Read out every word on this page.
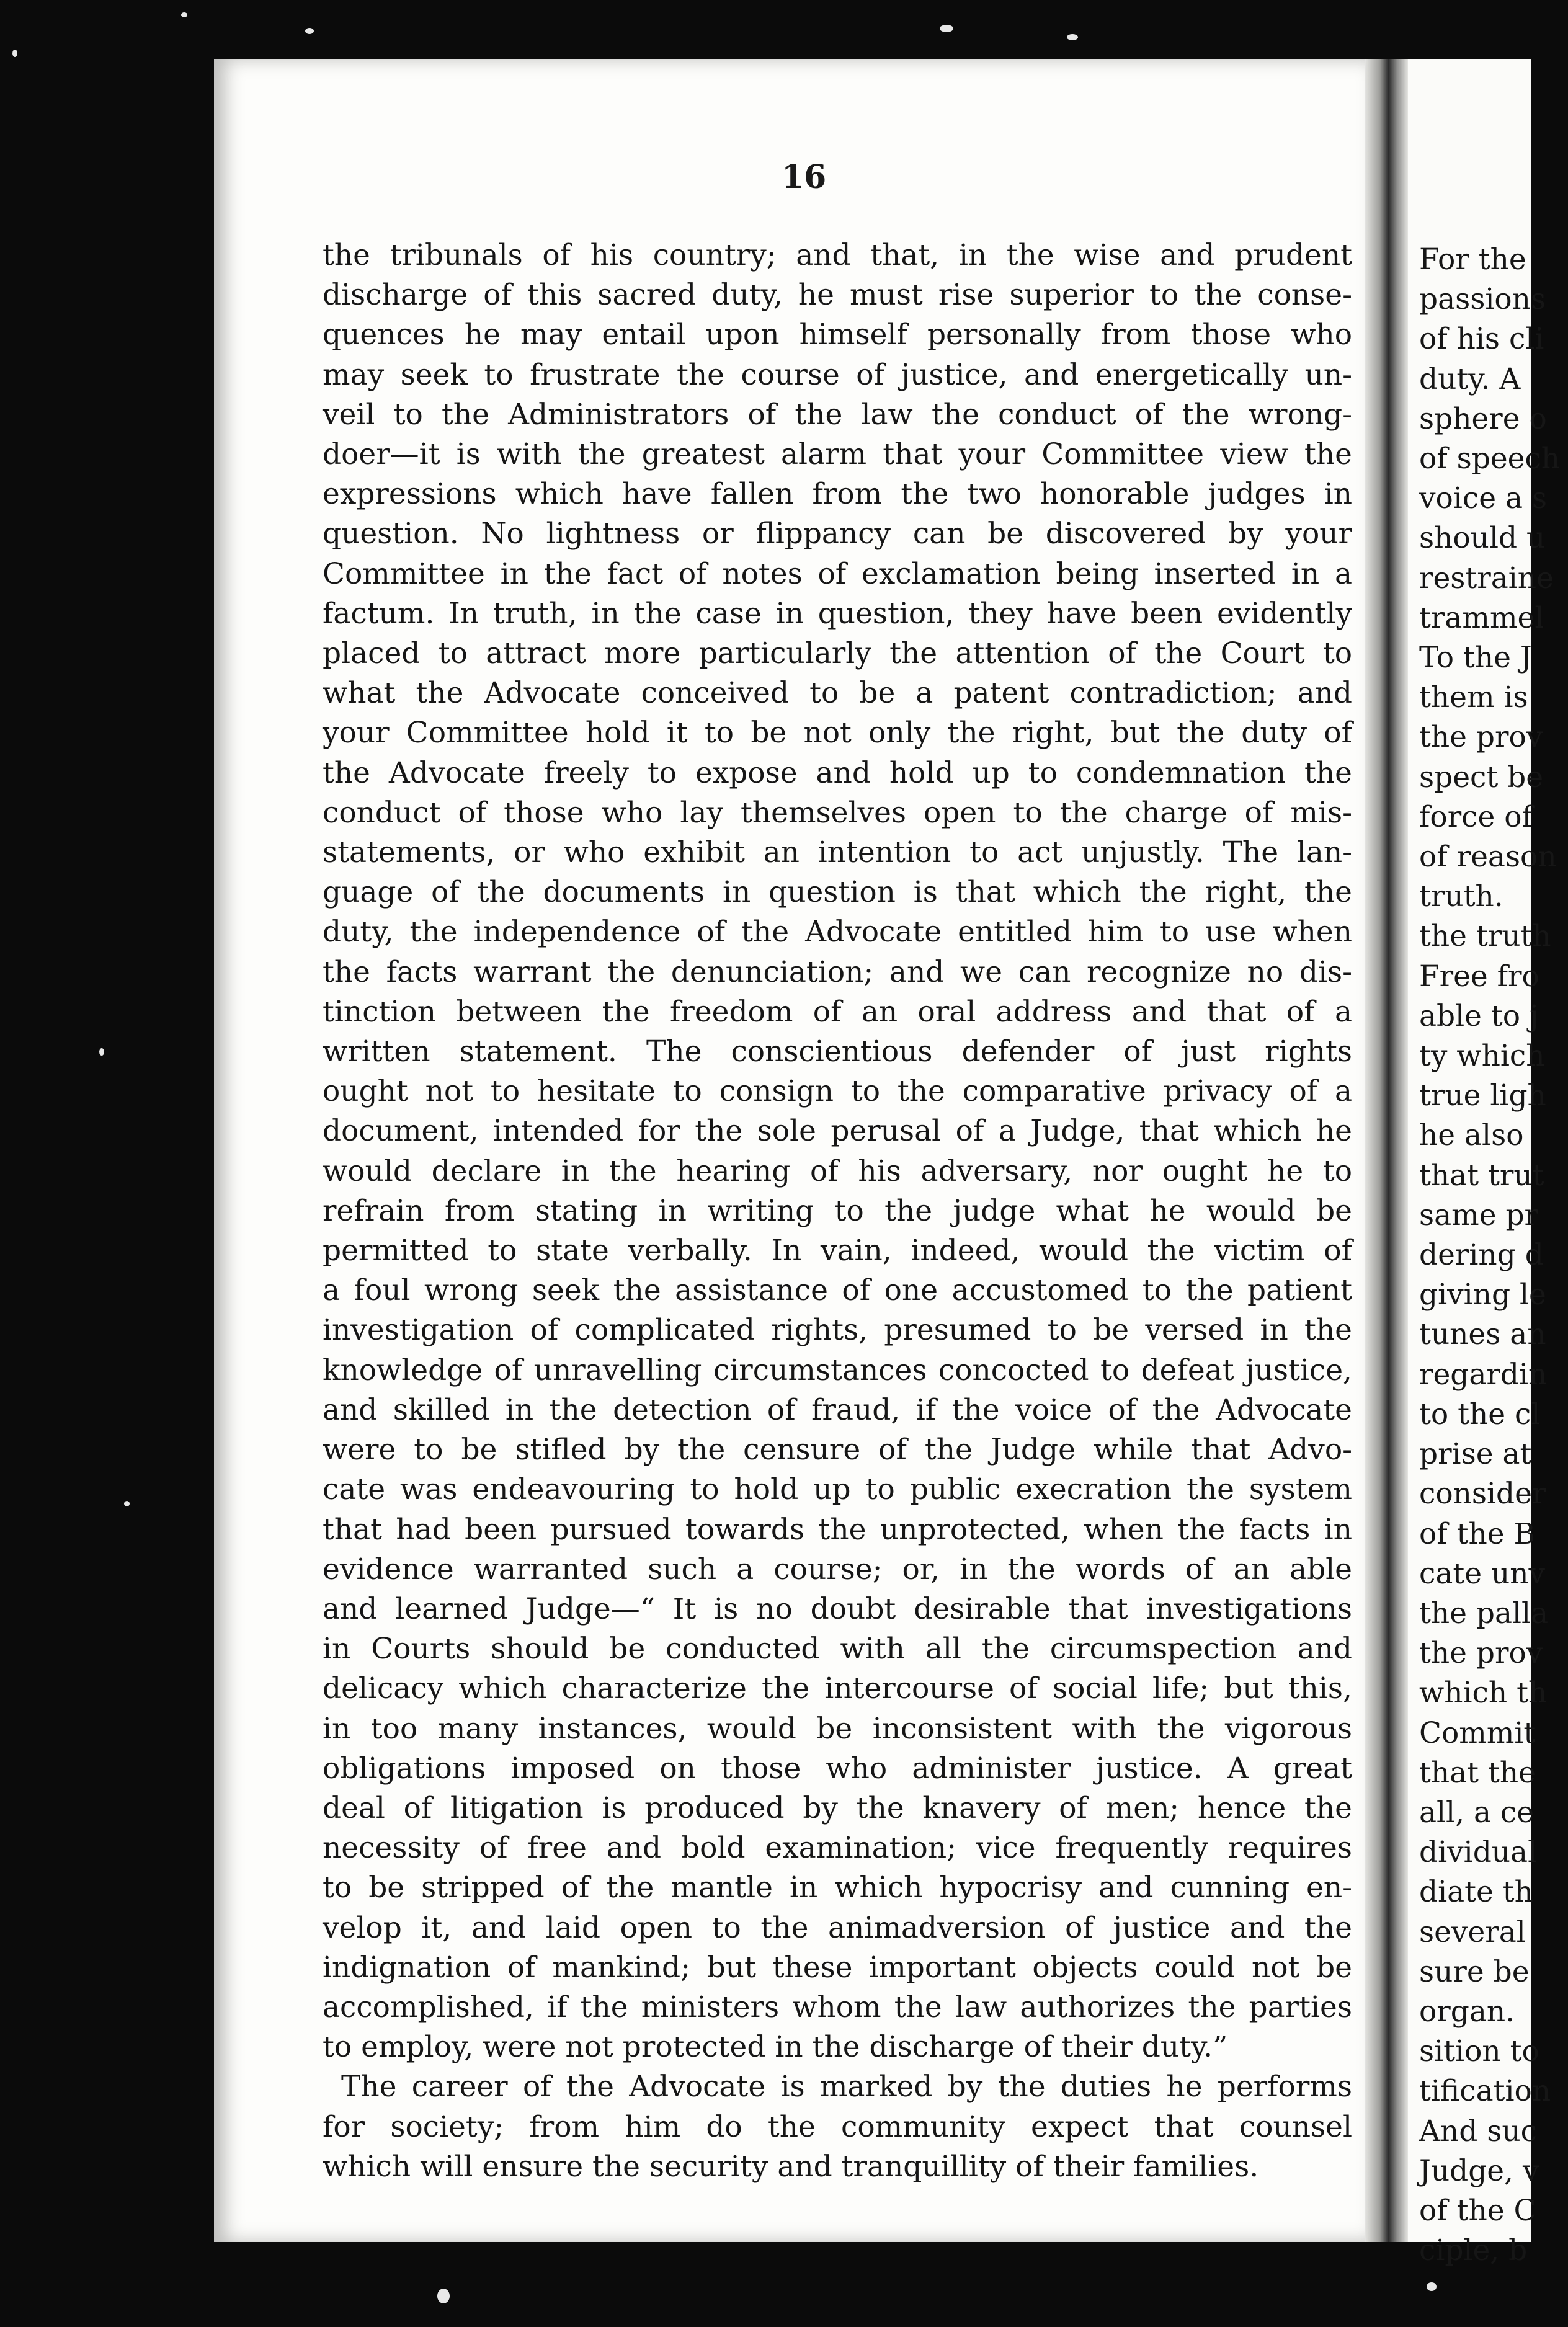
For the
passions
of his cli
duty. A
sphere o
of speech
voice a s
should u
restraine
trammel
To the J
them is
the prov
spect be
force of
of reason
truth.
the truth
Free fro
able to j
ty which
true ligh
he also
that trut
same pr
dering d
giving le
tunes an
regardin
to the cl
prise at
consider
of the B
cate unv
the palla
the prov
which th
Commit
that the
all, a ce
dividual
diate th
several
sure be
organ.
sition to
tification
And suc
Judge, v
of the C
ciple, b
16
the tribunals of his country; and that, in the wise and prudent
discharge of this sacred duty, he must rise superior to the conse-
quences he may entail upon himself personally from those who
may seek to frustrate the course of justice, and energetically un-
veil to the Administrators of the law the conduct of the wrong-
doer—it is with the greatest alarm that your Committee view the
expressions which have fallen from the two honorable judges in
question. No lightness or flippancy can be discovered by your
Committee in the fact of notes of exclamation being inserted in a
factum. In truth, in the case in question, they have been evidently
placed to attract more particularly the attention of the Court to
what the Advocate conceived to be a patent contradiction; and
your Committee hold it to be not only the right, but the duty of
the Advocate freely to expose and hold up to condemnation the
conduct of those who lay themselves open to the charge of mis-
statements, or who exhibit an intention to act unjustly. The lan-
guage of the documents in question is that which the right, the
duty, the independence of the Advocate entitled him to use when
the facts warrant the denunciation; and we can recognize no dis-
tinction between the freedom of an oral address and that of a
written statement. The conscientious defender of just rights
ought not to hesitate to consign to the comparative privacy of a
document, intended for the sole perusal of a Judge, that which he
would declare in the hearing of his adversary, nor ought he to
refrain from stating in writing to the judge what he would be
permitted to state verbally. In vain, indeed, would the victim of
a foul wrong seek the assistance of one accustomed to the patient
investigation of complicated rights, presumed to be versed in the
knowledge of unravelling circumstances concocted to defeat justice,
and skilled in the detection of fraud, if the voice of the Advocate
were to be stifled by the censure of the Judge while that Advo-
cate was endeavouring to hold up to public execration the system
that had been pursued towards the unprotected, when the facts in
evidence warranted such a course; or, in the words of an able
and learned Judge—“ It is no doubt desirable that investigations
in Courts should be conducted with all the circumspection and
delicacy which characterize the intercourse of social life; but this,
in too many instances, would be inconsistent with the vigorous
obligations imposed on those who administer justice. A great
deal of litigation is produced by the knavery of men; hence the
necessity of free and bold examination; vice frequently requires
to be stripped of the mantle in which hypocrisy and cunning en-
velop it, and laid open to the animadversion of justice and the
indignation of mankind; but these important objects could not be
accomplished, if the ministers whom the law authorizes the parties
to employ, were not protected in the discharge of their duty.”
The career of the Advocate is marked by the duties he performs
for society; from him do the community expect that counsel
which will ensure the security and tranquillity of their families.
